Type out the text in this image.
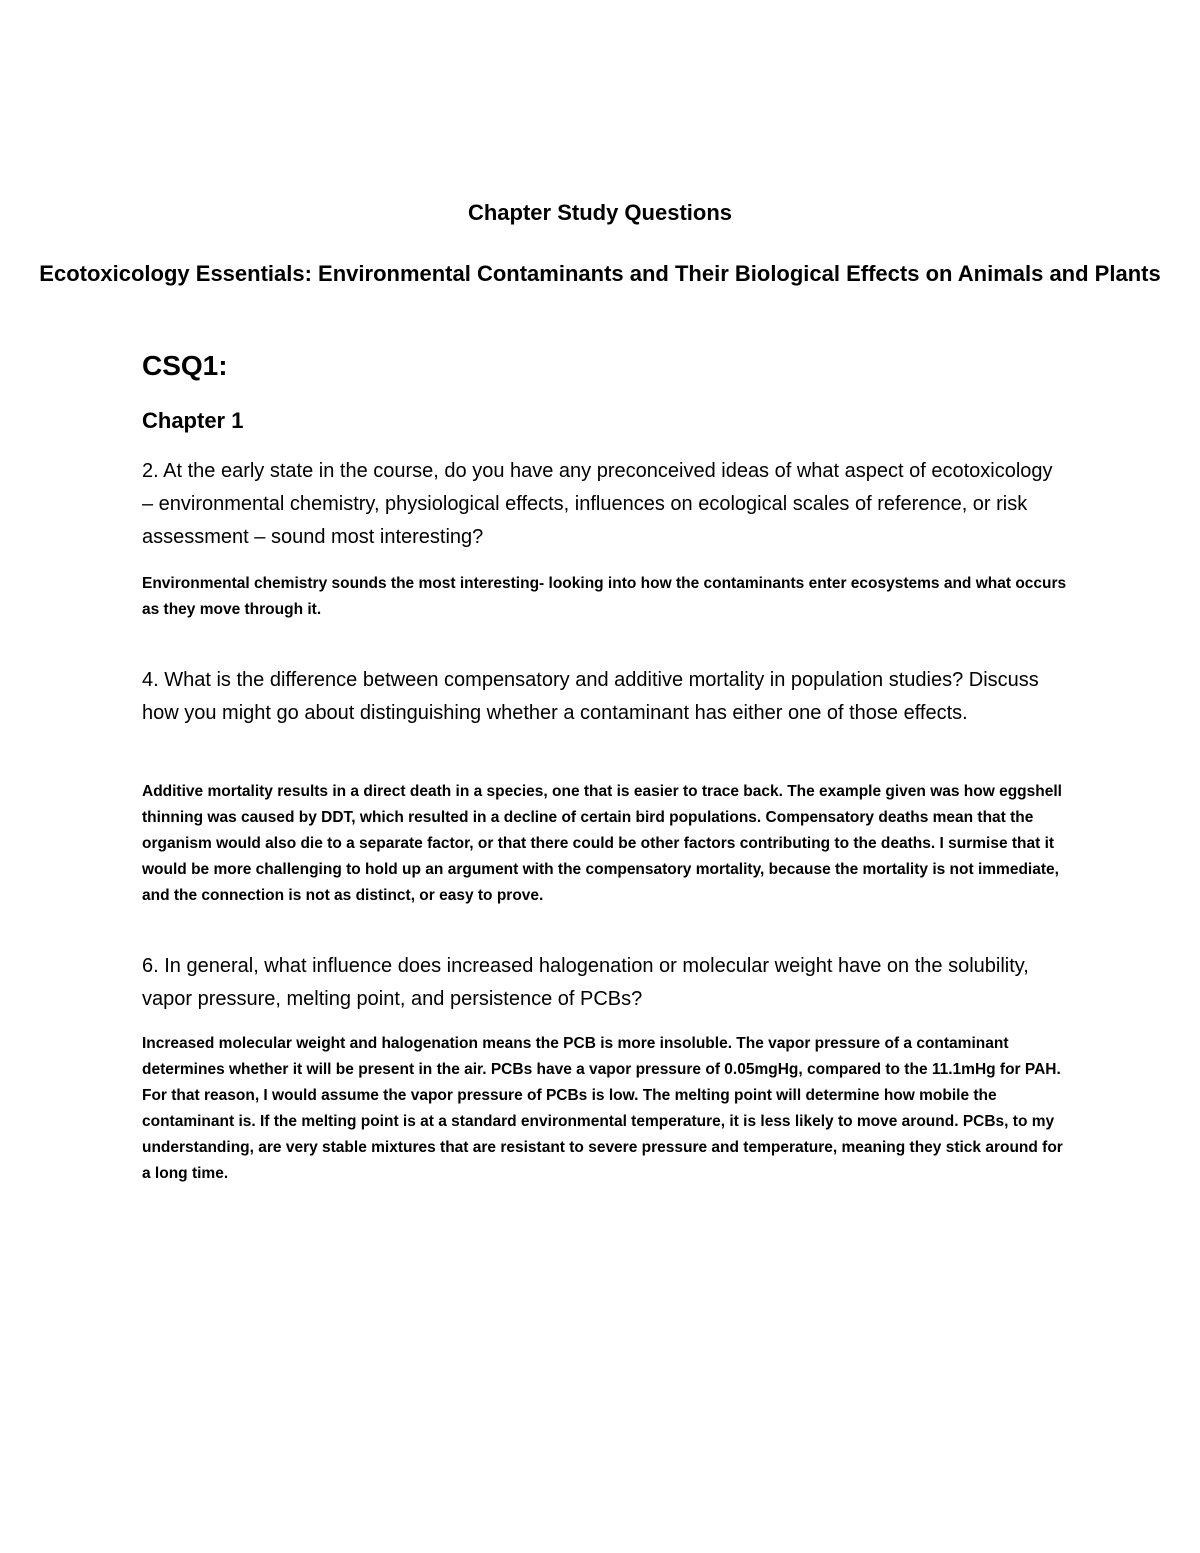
Chapter Study Questions
Ecotoxicology Essentials: Environmental Contaminants and Their Biological Effects on Animals and Plants
CSQ1:
Chapter 1

2. At the early state in the course, do you have any preconceived ideas of what aspect of ecotoxicology – environmental chemistry, physiological effects, influences on ecological scales of reference, or risk assessment – sound most interesting?

Environmental chemistry sounds the most interesting- looking into how the contaminants enter ecosystems and what occurs as they move through it.

4. What is the difference between compensatory and additive mortality in population studies? Discuss how you might go about distinguishing whether a contaminant has either one of those effects.

Additive mortality results in a direct death in a species, one that is easier to trace back. The example given was how eggshell thinning was caused by DDT, which resulted in a decline of certain bird populations. Compensatory deaths mean that the organism would also die to a separate factor, or that there could be other factors contributing to the deaths. I surmise that it would be more challenging to hold up an argument with the compensatory mortality, because the mortality is not immediate, and the connection is not as distinct, or easy to prove.

6. In general, what influence does increased halogenation or molecular weight have on the solubility, vapor pressure, melting point, and persistence of PCBs?

Increased molecular weight and halogenation means the PCB is more insoluble. The vapor pressure of a contaminant determines whether it will be present in the air. PCBs have a vapor pressure of 0.05mgHg, compared to the 11.1mHg for PAH. For that reason, I would assume the vapor pressure of PCBs is low. The melting point will determine how mobile the contaminant is. If the melting point is at a standard environmental temperature, it is less likely to move around. PCBs, to my understanding, are very stable mixtures that are resistant to severe pressure and temperature, meaning they stick around for a long time.
